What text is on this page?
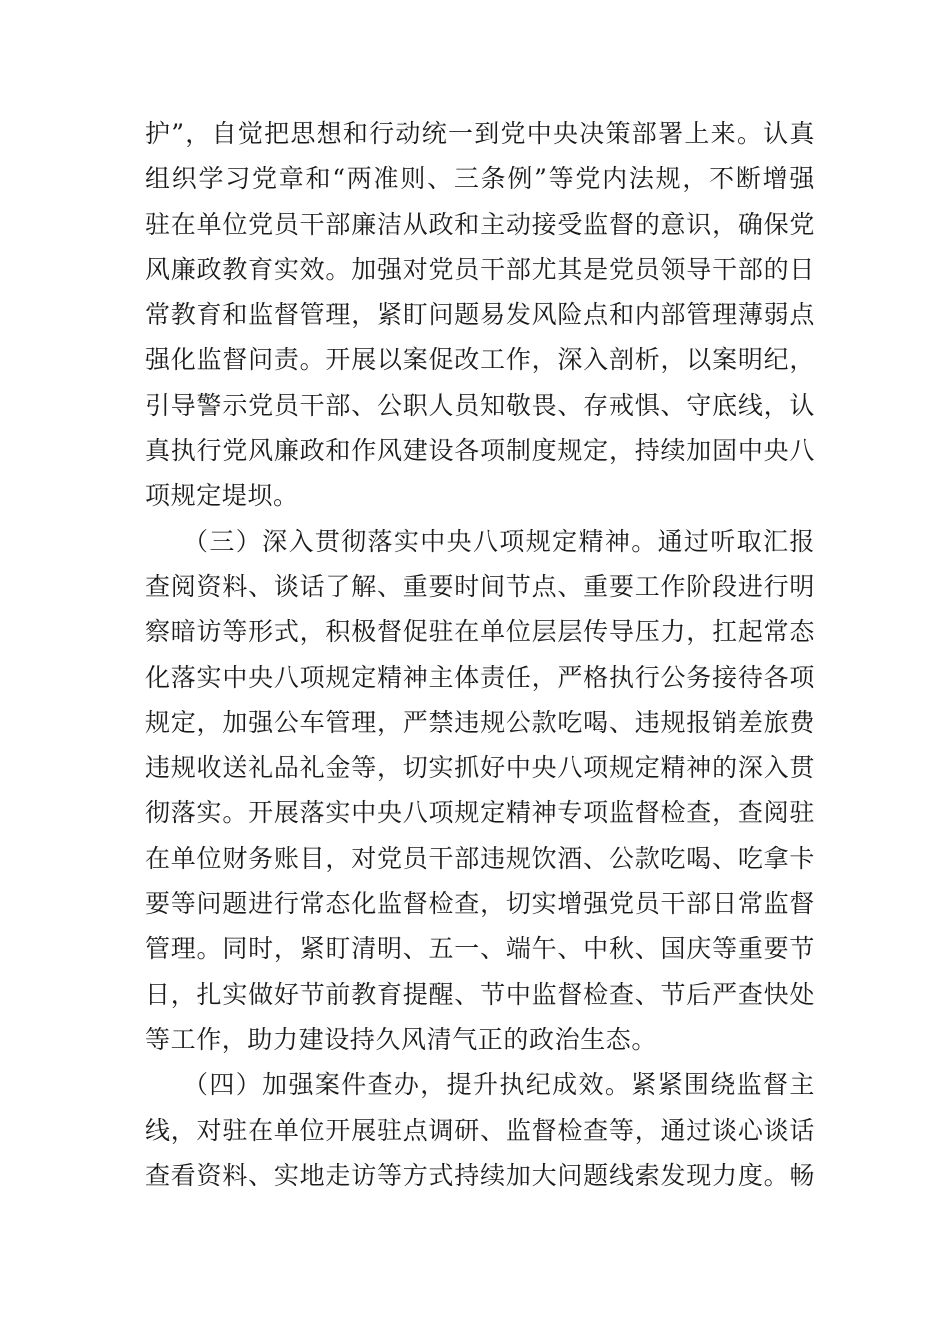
护”，自觉把思想和行动统一到党中央决策部署上来。认真
组织学习党章和“两准则、三条例”等党内法规，不断增强
驻在单位党员干部廉洁从政和主动接受监督的意识，确保党
风廉政教育实效。加强对党员干部尤其是党员领导干部的日
常教育和监督管理，紧盯问题易发风险点和内部管理薄弱点
强化监督问责。开展以案促改工作，深入剖析，以案明纪，
引导警示党员干部、公职人员知敬畏、存戒惧、守底线，认
真执行党风廉政和作风建设各项制度规定，持续加固中央八
项规定堤坝。
（三）深入贯彻落实中央八项规定精神。通过听取汇报
查阅资料、谈话了解、重要时间节点、重要工作阶段进行明
察暗访等形式，积极督促驻在单位层层传导压力，扛起常态
化落实中央八项规定精神主体责任，严格执行公务接待各项
规定，加强公车管理，严禁违规公款吃喝、违规报销差旅费
违规收送礼品礼金等，切实抓好中央八项规定精神的深入贯
彻落实。开展落实中央八项规定精神专项监督检查，查阅驻
在单位财务账目，对党员干部违规饮酒、公款吃喝、吃拿卡
要等问题进行常态化监督检查，切实增强党员干部日常监督
管理。同时，紧盯清明、五一、端午、中秋、国庆等重要节
日，扎实做好节前教育提醒、节中监督检查、节后严查快处
等工作，助力建设持久风清气正的政治生态。
（四）加强案件查办，提升执纪成效。紧紧围绕监督主
线，对驻在单位开展驻点调研、监督检查等，通过谈心谈话
查看资料、实地走访等方式持续加大问题线索发现力度。畅
